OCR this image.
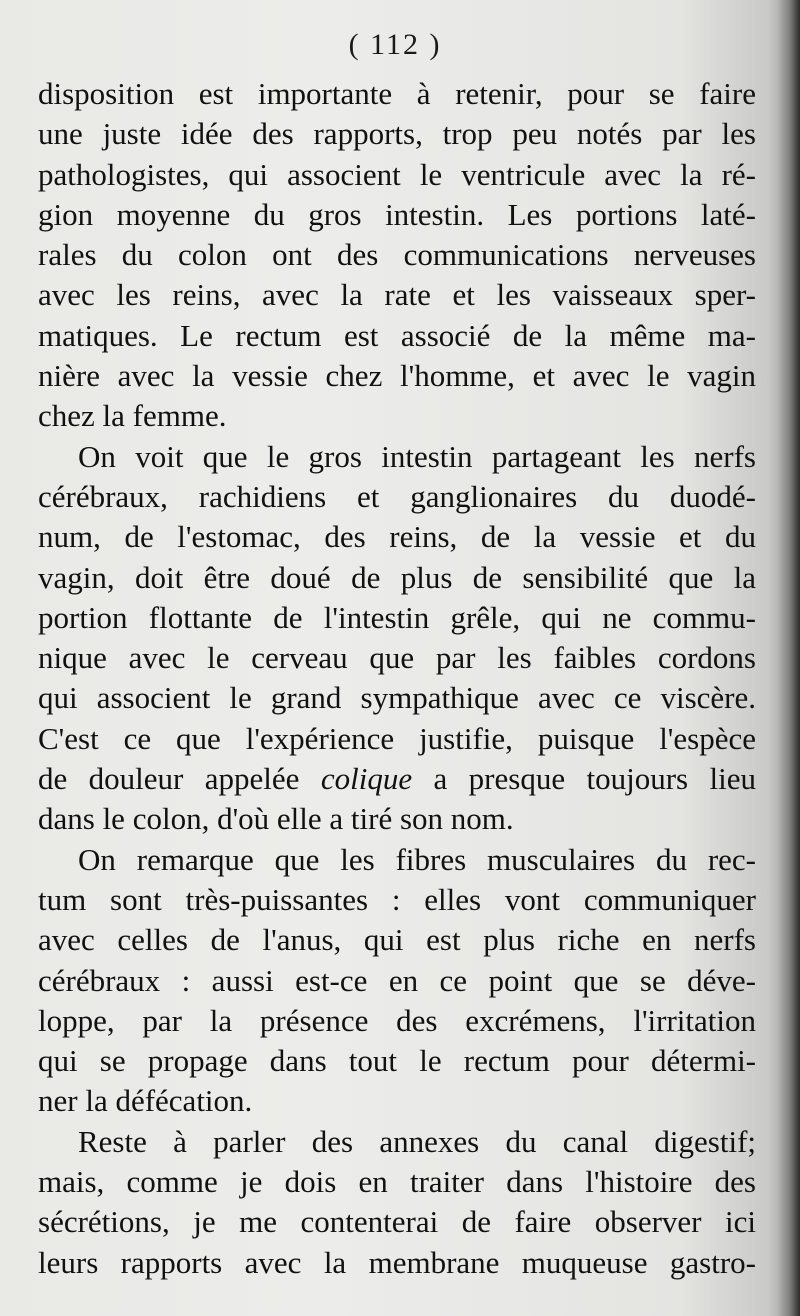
( 112 )
disposition est importante à retenir, pour se faire
une juste idée des rapports, trop peu notés par les
pathologistes, qui associent le ventricule avec la ré-
gion moyenne du gros intestin. Les portions laté-
rales du colon ont des communications nerveuses
avec les reins, avec la rate et les vaisseaux sper-
matiques. Le rectum est associé de la même ma-
nière avec la vessie chez l'homme, et avec le vagin
chez la femme.
On voit que le gros intestin partageant les nerfs
cérébraux, rachidiens et ganglionaires du duodé-
num, de l'estomac, des reins, de la vessie et du
vagin, doit être doué de plus de sensibilité que la
portion flottante de l'intestin grêle, qui ne commu-
nique avec le cerveau que par les faibles cordons
qui associent le grand sympathique avec ce viscère.
C'est ce que l'expérience justifie, puisque l'espèce
de douleur appelée colique a presque toujours lieu
dans le colon, d'où elle a tiré son nom.
On remarque que les fibres musculaires du rec-
tum sont très-puissantes : elles vont communiquer
avec celles de l'anus, qui est plus riche en nerfs
cérébraux : aussi est-ce en ce point que se déve-
loppe, par la présence des excrémens, l'irritation
qui se propage dans tout le rectum pour détermi-
ner la défécation.
Reste à parler des annexes du canal digestif;
mais, comme je dois en traiter dans l'histoire des
sécrétions, je me contenterai de faire observer ici
leurs rapports avec la membrane muqueuse gastro-
